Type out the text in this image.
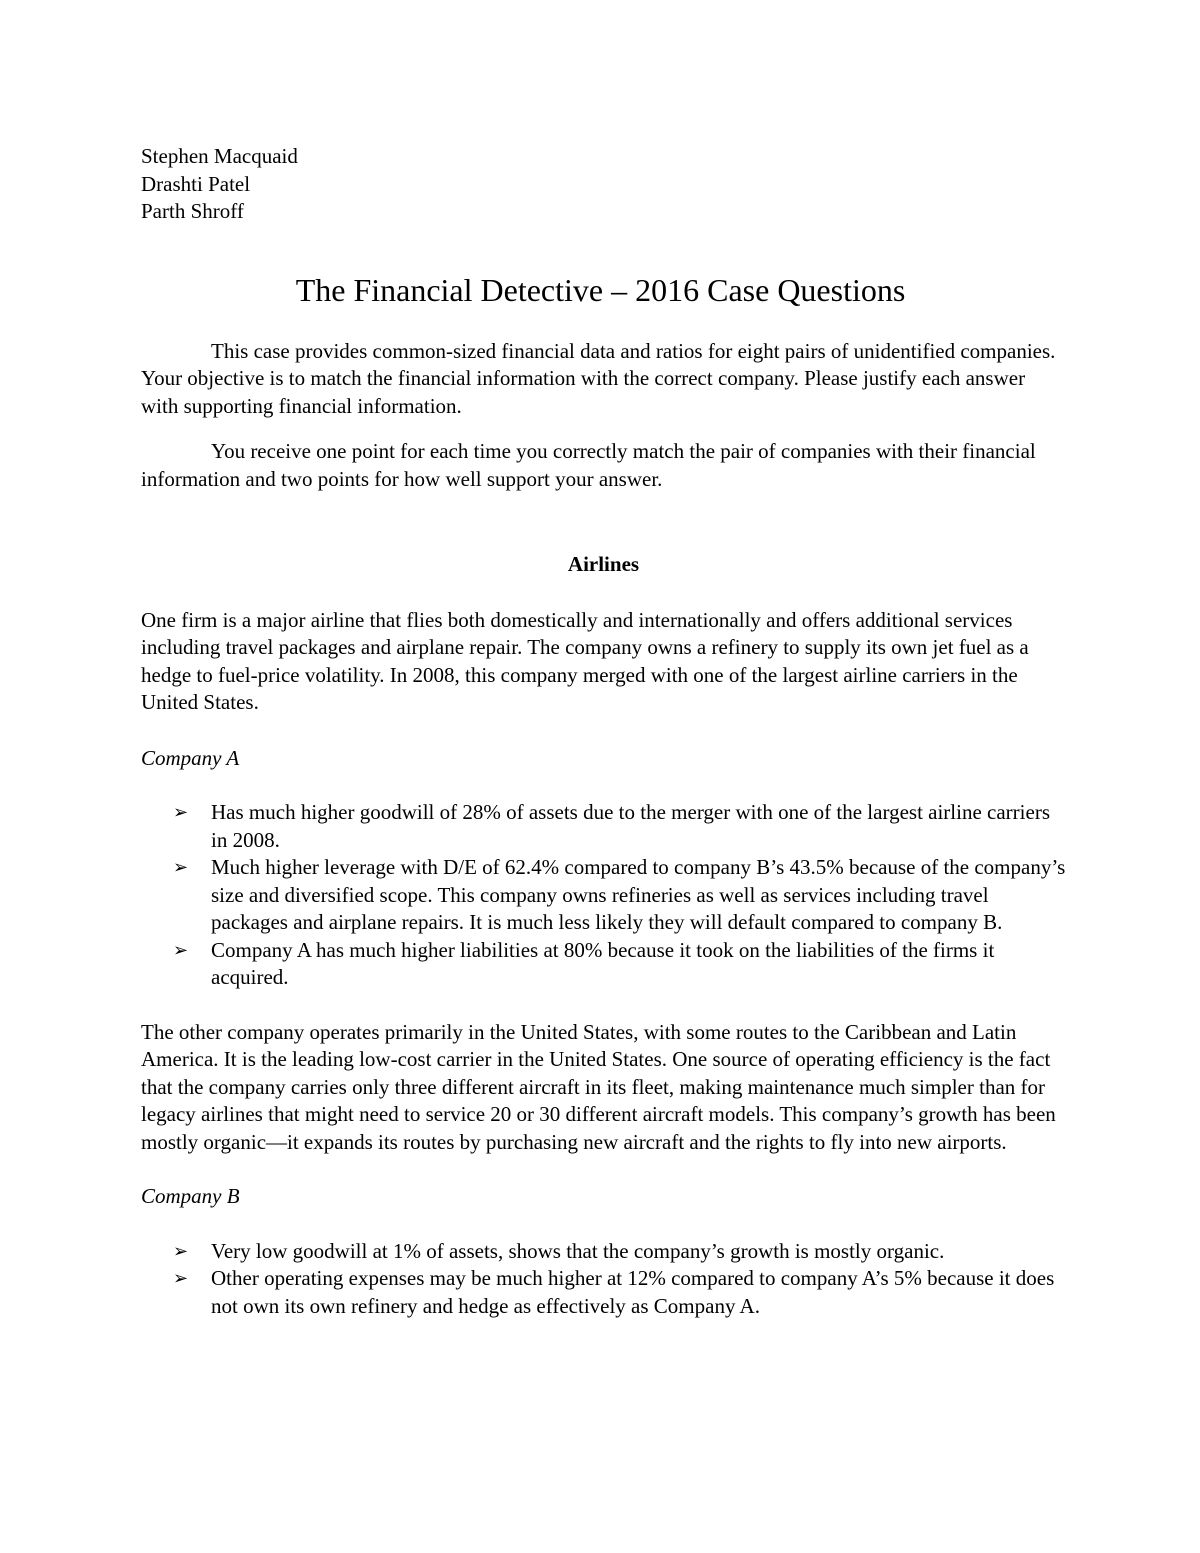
Stephen Macquaid
Drashti Patel
Parth Shroff
The Financial Detective – 2016 Case Questions

This case provides common-sized financial data and ratios for eight pairs of unidentified companies. Your objective is to match the financial information with the correct company. Please justify each answer with supporting financial information.

You receive one point for each time you correctly match the pair of companies with their financial information and two points for how well support your answer.

Airlines

One firm is a major airline that flies both domestically and internationally and offers additional services including travel packages and airplane repair. The company owns a refinery to supply its own jet fuel as a hedge to fuel-price volatility. In 2008, this company merged with one of the largest airline carriers in the United States.

Company A
➢ Has much higher goodwill of 28% of assets due to the merger with one of the largest airline carriers in 2008.
➢ Much higher leverage with D/E of 62.4% compared to company B’s 43.5% because of the company’s size and diversified scope. This company owns refineries as well as services including travel packages and airplane repairs. It is much less likely they will default compared to company B.
➢ Company A has much higher liabilities at 80% because it took on the liabilities of the firms it acquired.

The other company operates primarily in the United States, with some routes to the Caribbean and Latin America. It is the leading low-cost carrier in the United States. One source of operating efficiency is the fact that the company carries only three different aircraft in its fleet, making maintenance much simpler than for legacy airlines that might need to service 20 or 30 different aircraft models. This company’s growth has been mostly organic—it expands its routes by purchasing new aircraft and the rights to fly into new airports.

Company B
➢ Very low goodwill at 1% of assets, shows that the company’s growth is mostly organic.
➢ Other operating expenses may be much higher at 12% compared to company A’s 5% because it does not own its own refinery and hedge as effectively as Company A.
